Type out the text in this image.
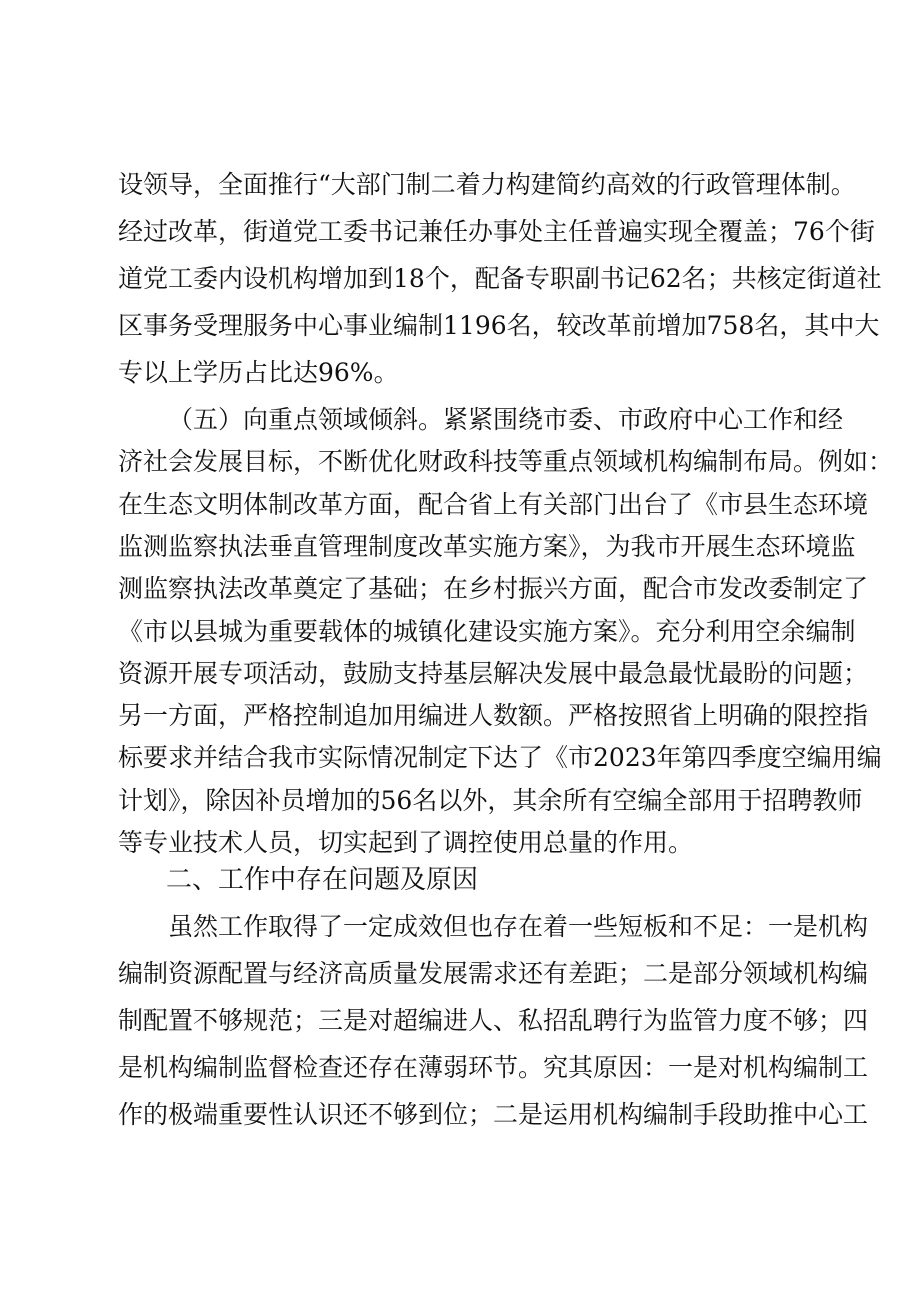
设领导，全面推行“大部门制二着力构建简约高效的行政管理体制。
经过改革，街道党工委书记兼任办事处主任普遍实现全覆盖；76个街
道党工委内设机构增加到18个，配备专职副书记62名；共核定街道社
区事务受理服务中心事业编制1196名，较改革前增加758名，其中大
专以上学历占比达96%。
（五）向重点领域倾斜。紧紧围绕市委、市政府中心工作和经
济社会发展目标，不断优化财政科技等重点领域机构编制布局。例如：
在生态文明体制改革方面，配合省上有关部门出台了《市县生态环境
监测监察执法垂直管理制度改革实施方案》，为我市开展生态环境监
测监察执法改革奠定了基础；在乡村振兴方面，配合市发改委制定了
《市以县城为重要载体的城镇化建设实施方案》。充分利用空余编制
资源开展专项活动，鼓励支持基层解决发展中最急最忧最盼的问题；
另一方面，严格控制追加用编进人数额。严格按照省上明确的限控指
标要求并结合我市实际情况制定下达了《市2023年第四季度空编用编
计划》，除因补员增加的56名以外，其余所有空编全部用于招聘教师
二、工作中存在问题及原因
虽然工作取得了一定成效但也存在着一些短板和不足：一是机构
编制资源配置与经济高质量发展需求还有差距；二是部分领域机构编
制配置不够规范；三是对超编进人、私招乱聘行为监管力度不够；四
是机构编制监督检查还存在薄弱环节。究其原因：一是对机构编制工
作的极端重要性认识还不够到位；二是运用机构编制手段助推中心工
等专业技术人员，切实起到了调控使用总量的作用。
